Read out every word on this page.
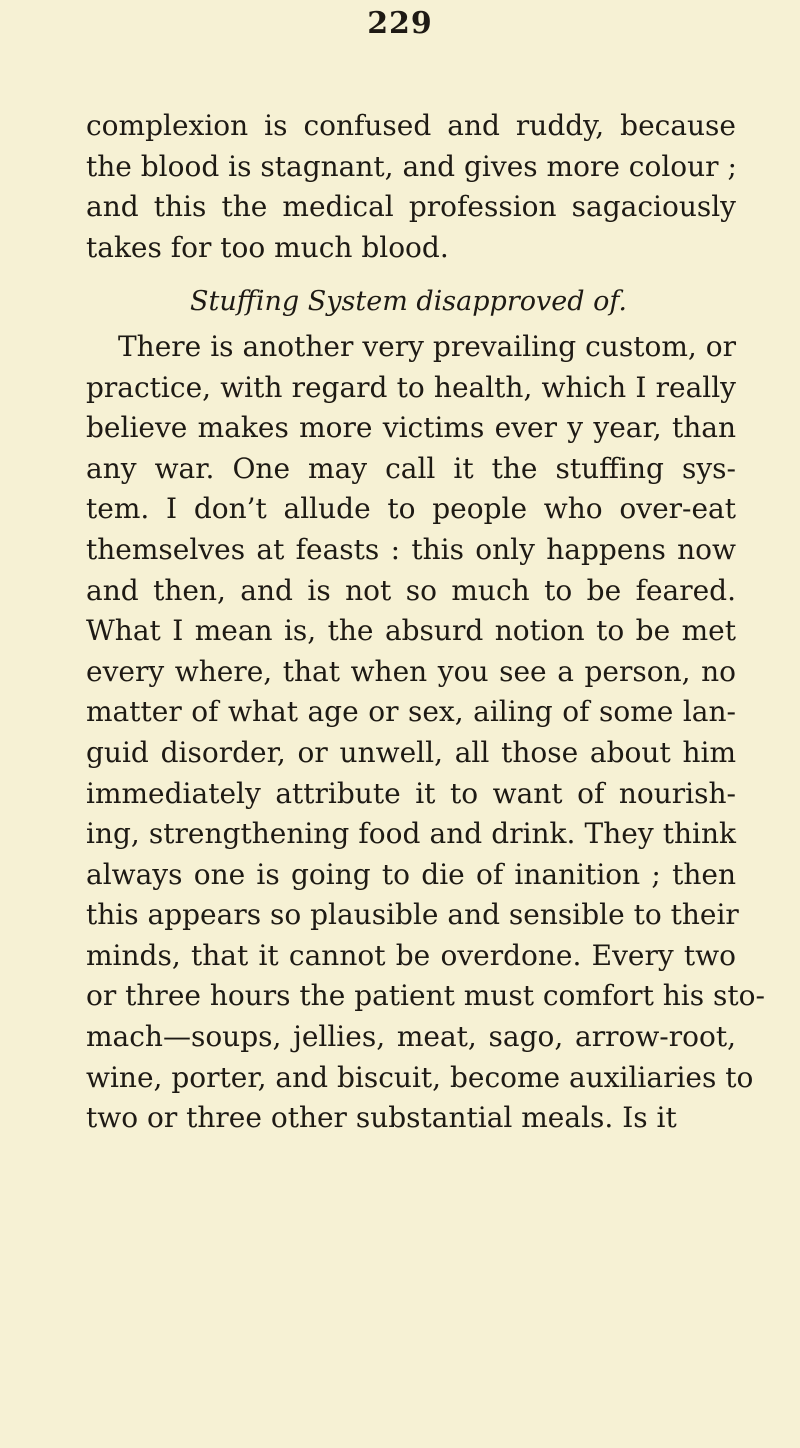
229
complexion is confused and ruddy, because
the blood is stagnant, and gives more colour ;
and this the medical profession sagaciously
takes for too much blood.
Stuffing System disapproved of.
There is another very prevailing custom, or
practice, with regard to health, which I really
believe makes more victims ever y year, than
any war. One may call it the stuffing sys-
tem. I don’t allude to people who over-eat
themselves at feasts : this only happens now
and then, and is not so much to be feared.
What I mean is, the absurd notion to be met
every where, that when you see a person, no
matter of what age or sex, ailing of some lan-
guid disorder, or unwell, all those about him
immediately attribute it to want of nourish-
ing, strengthening food and drink. They think
always one is going to die of inanition ; then
this appears so plausible and sensible to their
minds, that it cannot be overdone. Every two
or three hours the patient must comfort his sto-
mach—soups, jellies, meat, sago, arrow-root,
wine, porter, and biscuit, become auxiliaries to
two or three other substantial meals. Is it
